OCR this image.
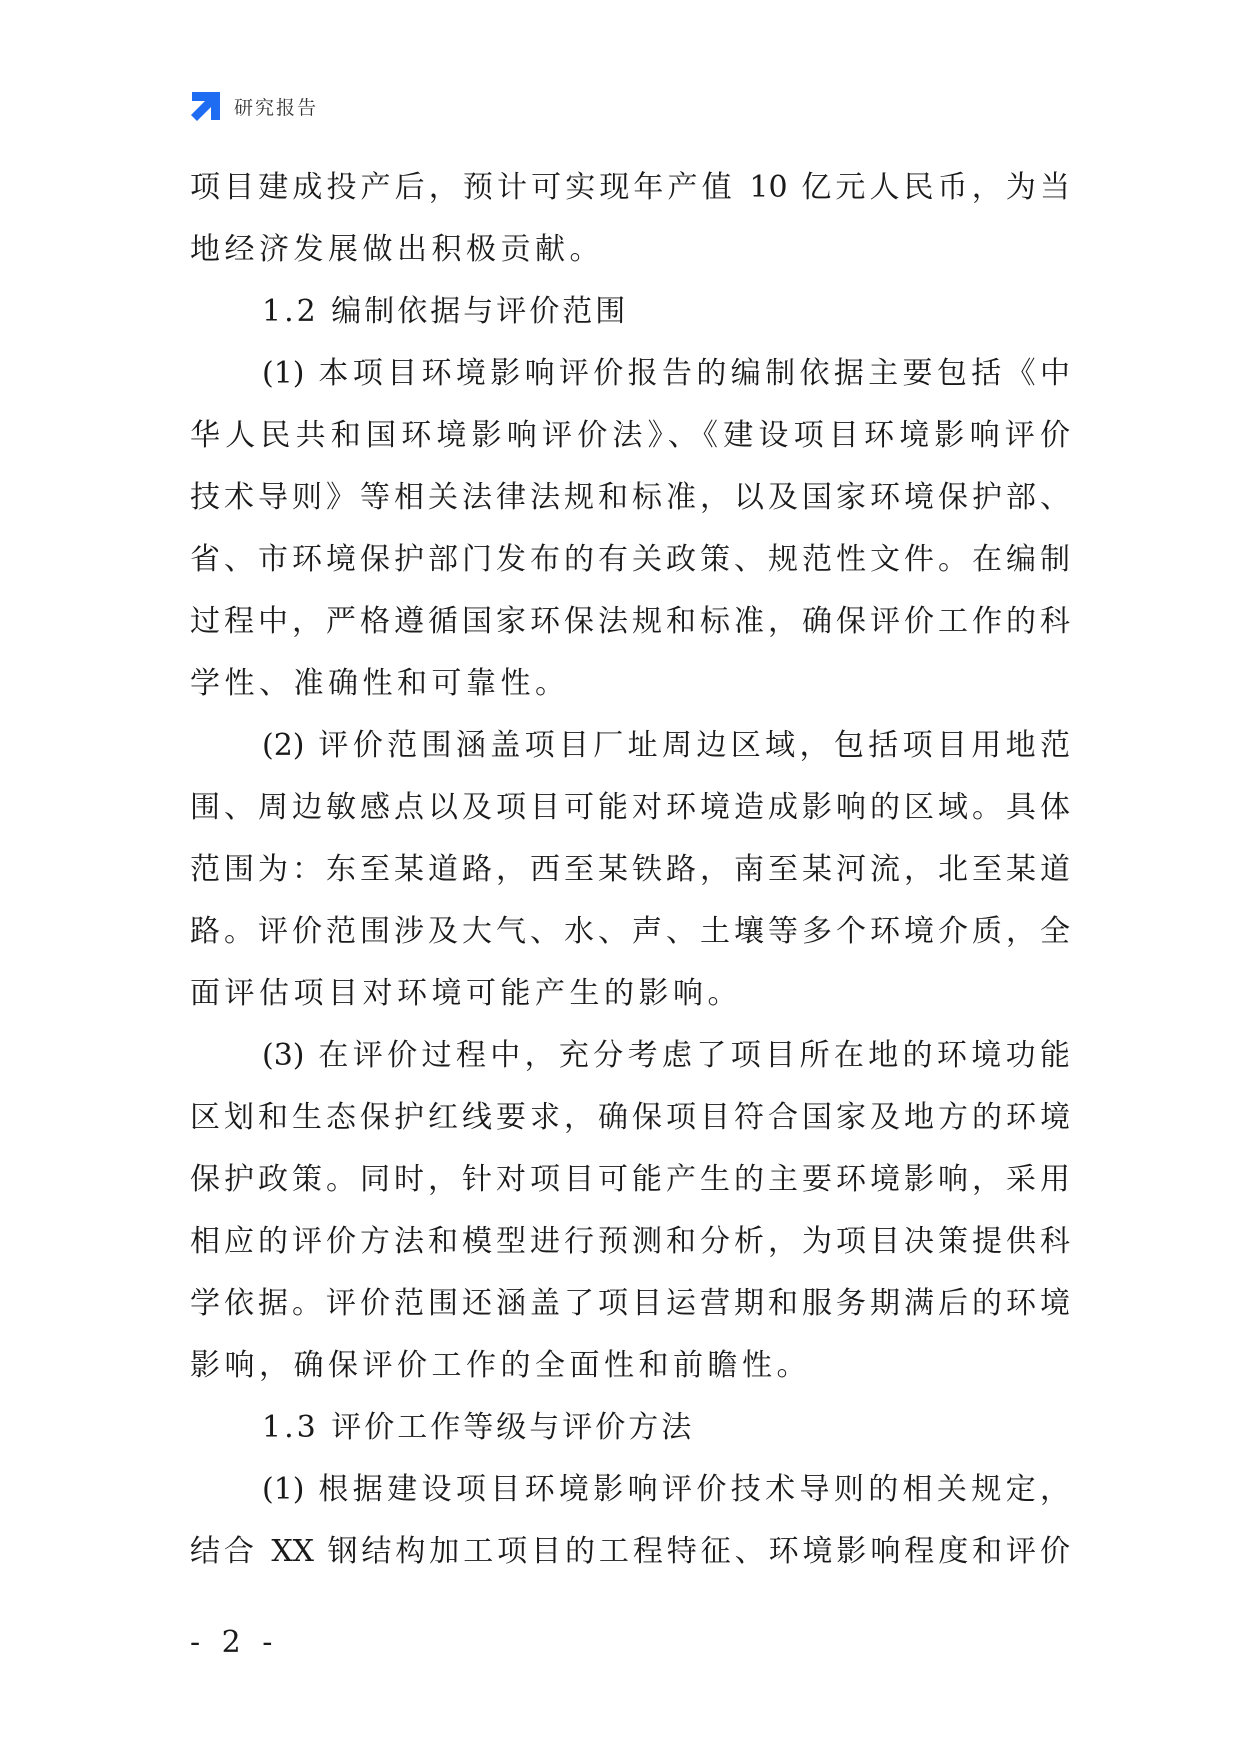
研究报告

项目建成投产后，预计可实现年产值 10 亿元人民币，为当

地经济发展做出积极贡献。

1.2 编制依据与评价范围

(1) 本项目环境影响评价报告的编制依据主要包括《中

华人民共和国环境影响评价法》、《建设项目环境影响评价

技术导则》等相关法律法规和标准，以及国家环境保护部、

省、市环境保护部门发布的有关政策、规范性文件。在编制

过程中，严格遵循国家环保法规和标准，确保评价工作的科

学性、准确性和可靠性。

(2) 评价范围涵盖项目厂址周边区域，包括项目用地范

围、周边敏感点以及项目可能对环境造成影响的区域。具体

范围为：东至某道路，西至某铁路，南至某河流，北至某道

路。评价范围涉及大气、水、声、土壤等多个环境介质，全

面评估项目对环境可能产生的影响。

(3) 在评价过程中，充分考虑了项目所在地的环境功能

区划和生态保护红线要求，确保项目符合国家及地方的环境

保护政策。同时，针对项目可能产生的主要环境影响，采用

相应的评价方法和模型进行预测和分析，为项目决策提供科

学依据。评价范围还涵盖了项目运营期和服务期满后的环境

影响，确保评价工作的全面性和前瞻性。

1.3 评价工作等级与评价方法

(1) 根据建设项目环境影响评价技术导则的相关规定，

结合 XX 钢结构加工项目的工程特征、环境影响程度和评价

- 2 -
